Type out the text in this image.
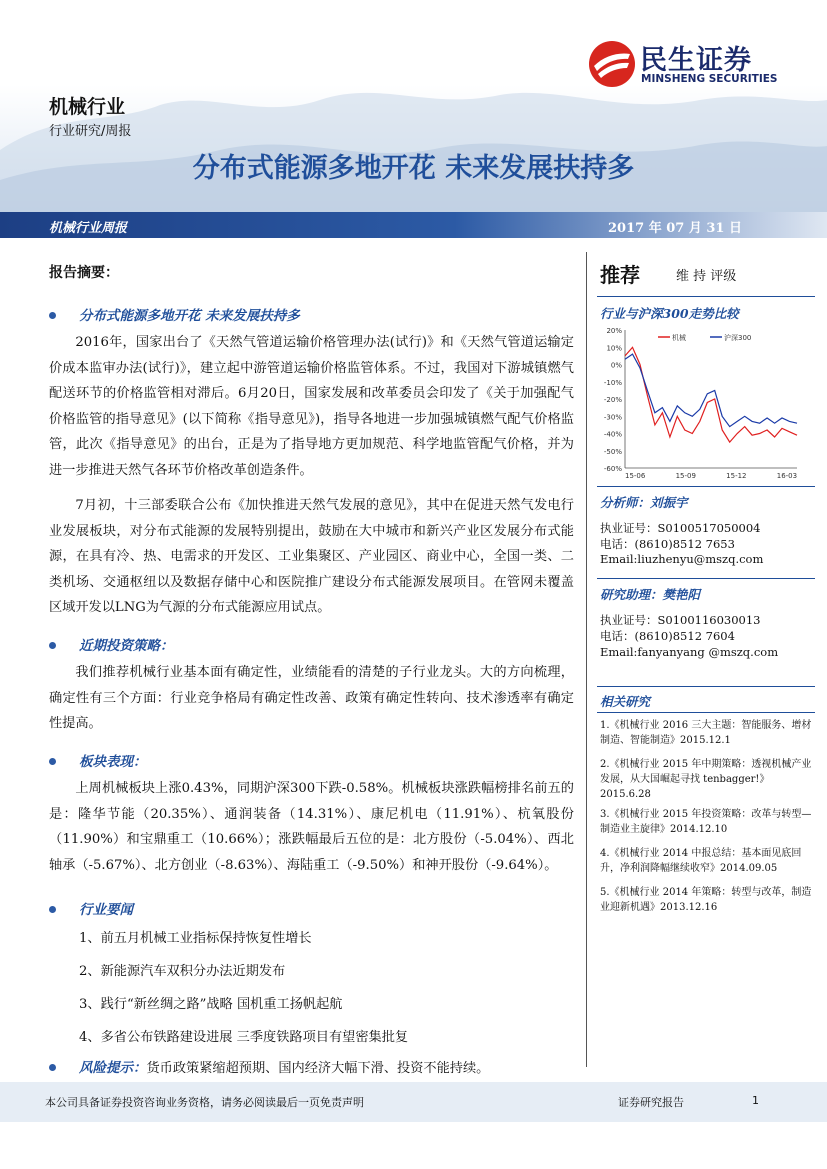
民生证券
MINSHENG SECURITIES
机械行业
行业研究/周报
分布式能源多地开花 未来发展扶持多
机械行业周报	2017 年 07 月 31 日
报告摘要：
分布式能源多地开花 未来发展扶持多
2016年，国家出台了《天然气管道运输价格管理办法(试行)》和《天然气管道运输定价成本监审办法(试行)》，建立起中游管道运输价格监管体系。不过，我国对下游城镇燃气配送环节的价格监管相对滞后。6月20日，国家发展和改革委员会印发了《关于加强配气价格监管的指导意见》(以下简称《指导意见》)，指导各地进一步加强城镇燃气配气价格监管，此次《指导意见》的出台，正是为了指导地方更加规范、科学地监管配气价格，并为进一步推进天然气各环节价格改革创造条件。
7月初，十三部委联合公布《加快推进天然气发展的意见》，其中在促进天然气发电行业发展板块，对分布式能源的发展特别提出，鼓励在大中城市和新兴产业区发展分布式能源，在具有冷、热、电需求的开发区、工业集聚区、产业园区、商业中心，全国一类、二类机场、交通枢纽以及数据存储中心和医院推广建设分布式能源发展项目。在管网未覆盖区域开发以LNG为气源的分布式能源应用试点。
近期投资策略：
我们推荐机械行业基本面有确定性，业绩能看的清楚的子行业龙头。大的方向梳理，确定性有三个方面：行业竞争格局有确定性改善、政策有确定性转向、技术渗透率有确定性提高。
板块表现：
上周机械板块上涨0.43%，同期沪深300下跌-0.58%。机械板块涨跌幅榜排名前五的是：隆华节能（20.35%）、通润装备（14.31%）、康尼机电（11.91%）、杭氧股份（11.90%）和宝鼎重工（10.66%）；涨跌幅最后五位的是：北方股份（-5.04%）、西北轴承（-5.67%）、北方创业（-8.63%）、海陆重工（-9.50%）和神开股份（-9.64%）。
行业要闻
1、前五月机械工业指标保持恢复性增长
2、新能源汽车双积分办法近期发布
3、践行“新丝绸之路”战略 国机重工扬帆起航
4、多省公布铁路建设进展 三季度铁路项目有望密集批复
风险提示：货币政策紧缩超预期、国内经济大幅下滑、投资不能持续。
推荐	维 持 评级
行业与沪深300走势比较
20%
10%
0%
-10%
-20%
-30%
-40%
-50%
-60%
15-06	15-09	15-12	16-03
机械	沪深300
分析师：刘振宇
执业证号：S0100517050004
电话：(8610)8512 7653
Email:liuzhenyu@mszq.com
研究助理：樊艳阳
执业证号：S0100116030013
电话：(8610)8512 7604
Email:fanyanyang @mszq.com
相关研究
1.《机械行业 2016 三大主题：智能服务、增材制造、智能制造》2015.12.1
2.《机械行业 2015 年中期策略：透视机械产业发展，从大国崛起寻找 tenbagger!》2015.6.28
3.《机械行业 2015 年投资策略：改革与转型—制造业主旋律》2014.12.10
4.《机械行业 2014 中报总结：基本面见底回升，净利润降幅继续收窄》2014.09.05
5.《机械行业 2014 年策略：转型与改革，制造业迎新机遇》2013.12.16
本公司具备证券投资咨询业务资格，请务必阅读最后一页免责声明	证券研究报告	1
